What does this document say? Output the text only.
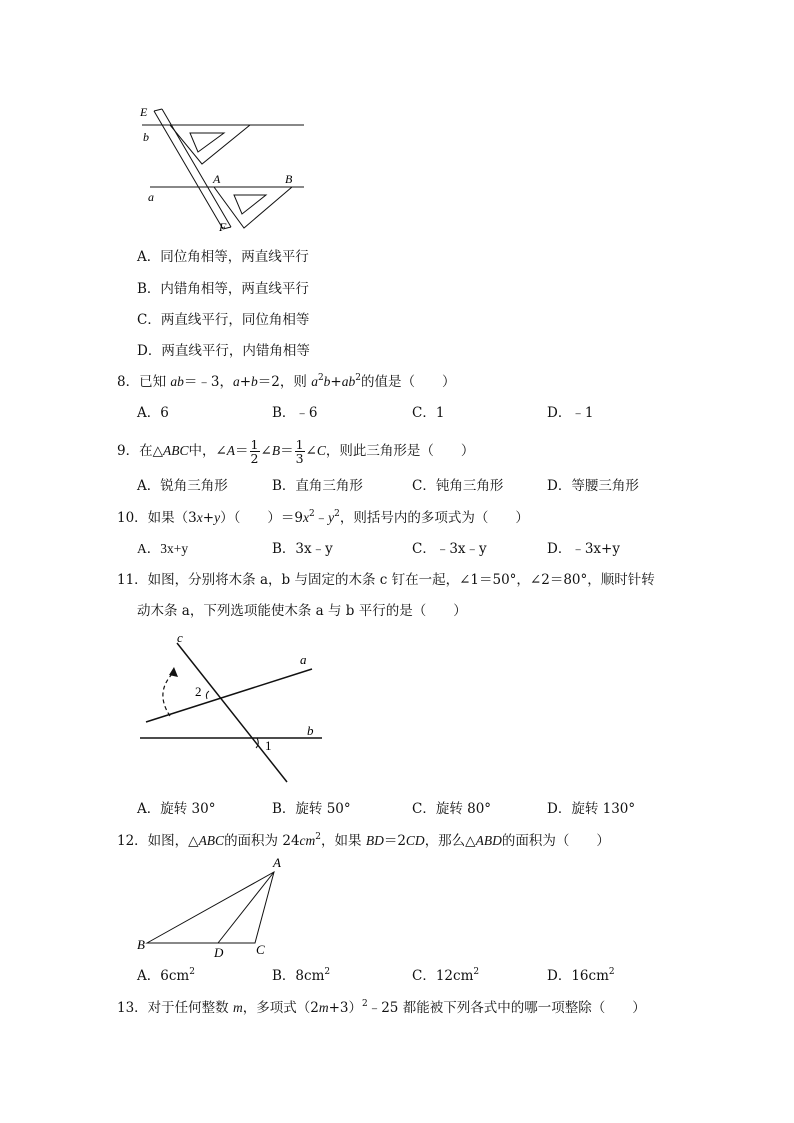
E
b
A	B
a
F
A．同位角相等，两直线平行
B．内错角相等，两直线平行
C．两直线平行，同位角相等
D．两直线平行，内错角相等
8．已知 ab＝﹣3，a+b＝2，则 $a^2b+ab^2$的值是（　　）
A．6	B．﹣6	C．1	D．﹣1
9．在△ABC中，∠A＝ $\frac{1}{2}$ ∠B＝ $\frac{1}{3}$ ∠C，则此三角形是（　　）
A．锐角三角形	B．直角三角形	C．钝角三角形	D．等腰三角形
10．如果（3x+y）（　　）$=9x^2﹣y^2$，则括号内的多项式为（　　）
A．3x+y	B．3x﹣y	C．﹣3x﹣y	D．﹣3x+y
11．如图，分别将木条 a，b 与固定的木条 c 钉在一起，∠1＝50°，∠2＝80°，顺时针转
动木条 a，下列选项能使木条 a 与 b 平行的是（　　）
c
a
b
2
1
A．旋转 30°	B．旋转 50°	C．旋转 80°	D．旋转 130°
12．如图，△ABC的面积为 $24cm^2$，如果 BD＝2CD，那么△ABD的面积为（　　）
A
B
D	C
A．$6cm^2$	B．$8cm^2$	C．$12cm^2$	D．$16cm^2$
13．对于任何整数 m，多项式$(2m+3)^2﹣25$ 都能被下列各式中的哪一项整除（　　）
